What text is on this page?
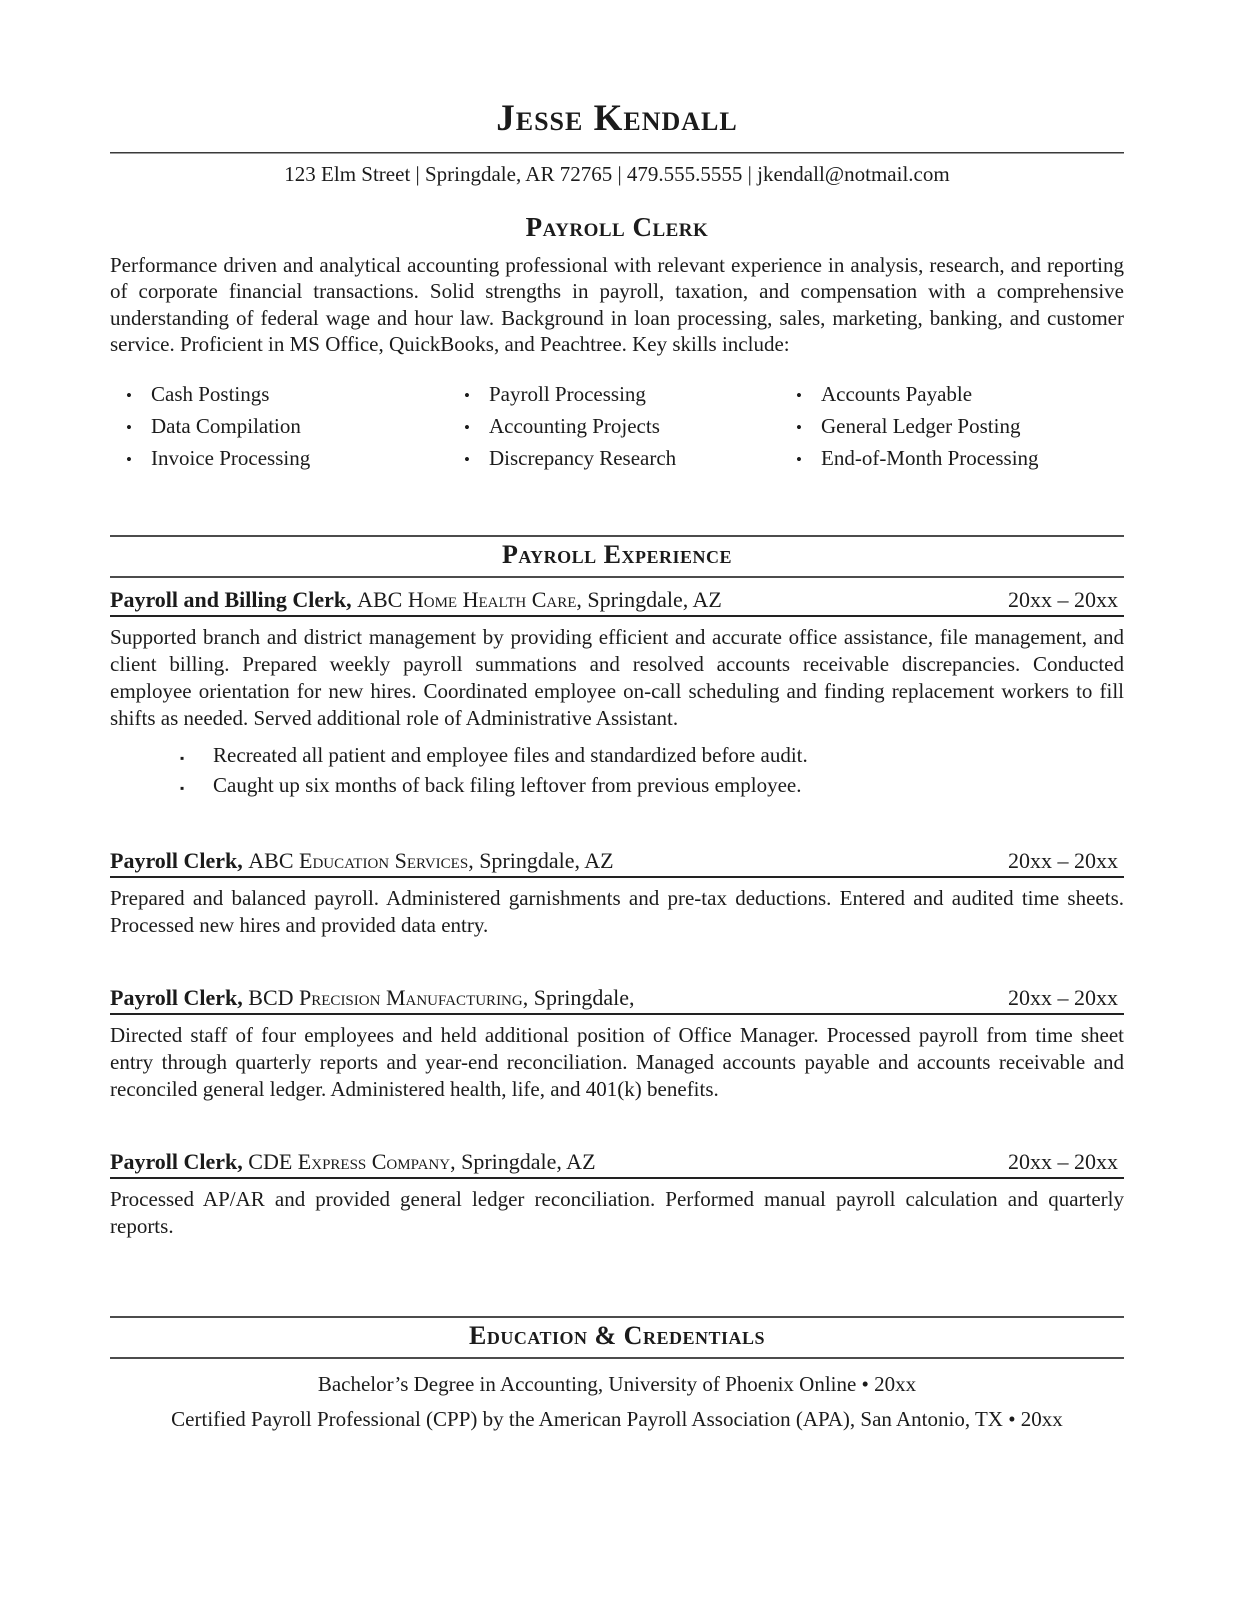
Jesse Kendall
123 Elm Street | Springdale, AR 72765 | 479.555.5555 | jkendall@notmail.com
Payroll Clerk

Performance driven and analytical accounting professional with relevant experience in analysis, research, and reporting of corporate financial transactions. Solid strengths in payroll, taxation, and compensation with a comprehensive understanding of federal wage and hour law. Background in loan processing, sales, marketing, banking, and customer service. Proficient in MS Office, QuickBooks, and Peachtree. Key skills include:

• Cash Postings	• Payroll Processing	• Accounts Payable
• Data Compilation	• Accounting Projects	• General Ledger Posting
• Invoice Processing	• Discrepancy Research	• End-of-Month Processing
Payroll Experience
Payroll and Billing Clerk, ABC Home Health Care, Springdale, AZ	20xx – 20xx

Supported branch and district management by providing efficient and accurate office assistance, file management, and client billing. Prepared weekly payroll summations and resolved accounts receivable discrepancies. Conducted employee orientation for new hires. Coordinated employee on-call scheduling and finding replacement workers to fill shifts as needed. Served additional role of Administrative Assistant.

▪	Recreated all patient and employee files and standardized before audit.
▪	Caught up six months of back filing leftover from previous employee.
Payroll Clerk, ABC Education Services, Springdale, AZ	20xx – 20xx

Prepared and balanced payroll. Administered garnishments and pre-tax deductions. Entered and audited time sheets. Processed new hires and provided data entry.

Payroll Clerk, BCD Precision Manufacturing, Springdale,	20xx – 20xx

Directed staff of four employees and held additional position of Office Manager. Processed payroll from time sheet entry through quarterly reports and year-end reconciliation. Managed accounts payable and accounts receivable and reconciled general ledger. Administered health, life, and 401(k) benefits.

Payroll Clerk, CDE Express Company, Springdale, AZ	20xx – 20xx

Processed AP/AR and provided general ledger reconciliation. Performed manual payroll calculation and quarterly reports.

Education & Credentials

Bachelor’s Degree in Accounting, University of Phoenix Online • 20xx

Certified Payroll Professional (CPP) by the American Payroll Association (APA), San Antonio, TX • 20xx
